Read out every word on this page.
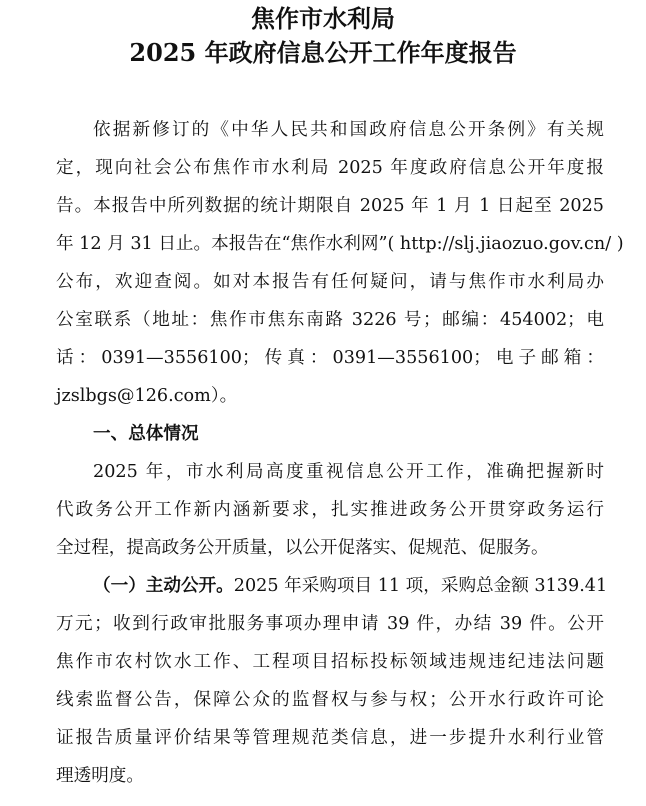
焦作市水利局
2025 年政府信息公开工作年度报告
依据新修订的《中华人民共和国政府信息公开条例》有关规
定，现向社会公布焦作市水利局 2025 年度政府信息公开年度报
告。本报告中所列数据的统计期限自 2025 年 1 月 1 日起至 2025
年 12 月 31 日止。本报告在“焦作水利网”( http://slj.jiaozuo.gov.cn/ )
公布，欢迎查阅。如对本报告有任何疑问，请与焦作市水利局办
公室联系（地址：焦作市焦东南路 3226 号；邮编：454002；电
话：0391—3556100；传真：0391—3556100；电子邮箱：
jzslbgs@126.com）。
一、总体情况
2025 年，市水利局高度重视信息公开工作，准确把握新时
代政务公开工作新内涵新要求，扎实推进政务公开贯穿政务运行
全过程，提高政务公开质量，以公开促落实、促规范、促服务。
（一）主动公开。2025 年采购项目 11 项，采购总金额 3139.41
万元；收到行政审批服务事项办理申请 39 件，办结 39 件。公开
焦作市农村饮水工作、工程项目招标投标领域违规违纪违法问题
线索监督公告，保障公众的监督权与参与权；公开水行政许可论
证报告质量评价结果等管理规范类信息，进一步提升水利行业管
理透明度。
